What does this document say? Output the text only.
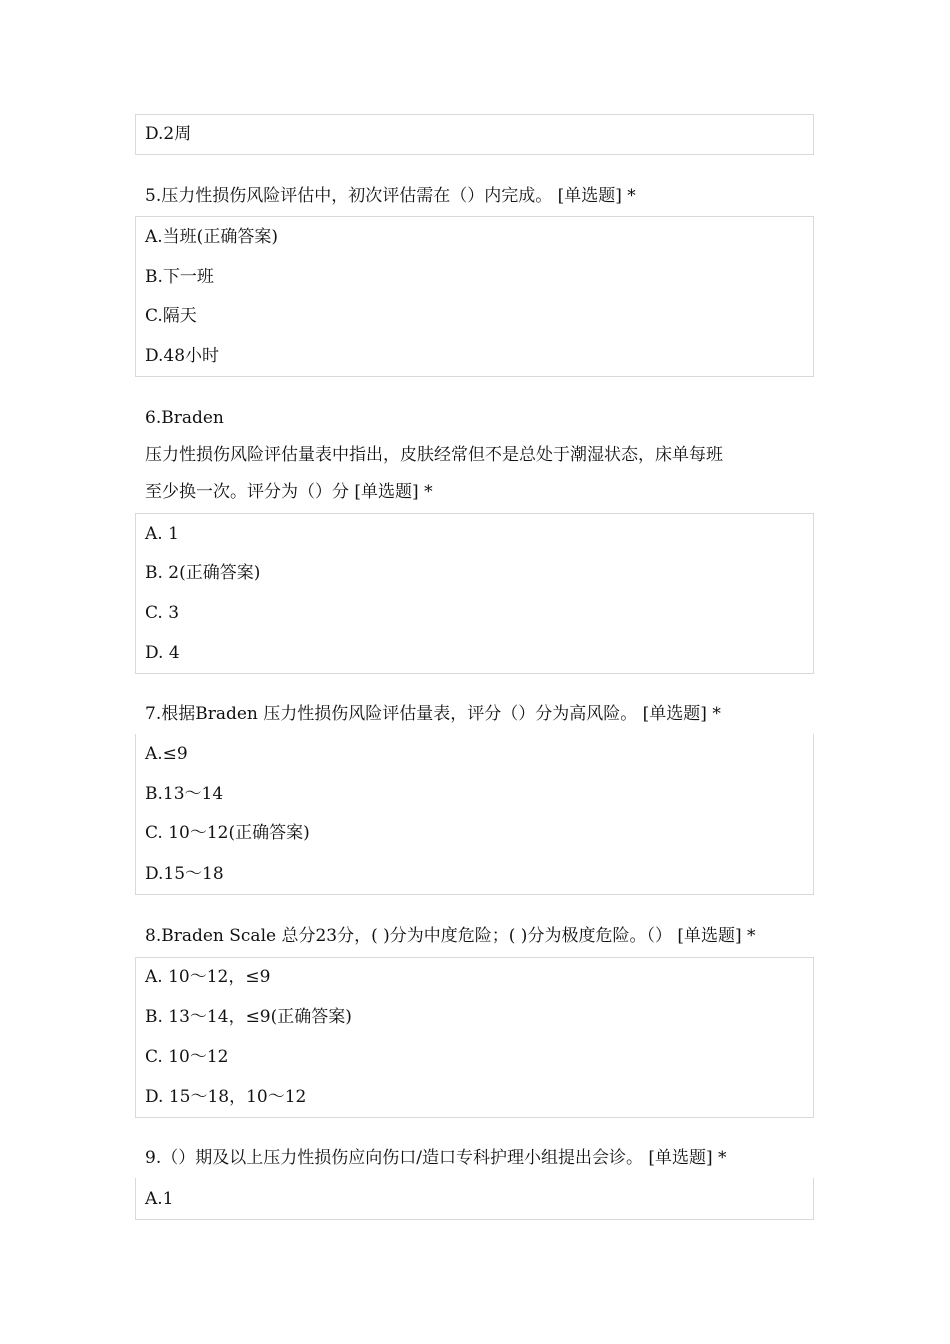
D.2周

5.压力性损伤风险评估中，初次评估需在（）内完成。 [单选题] *

A.当班(正确答案)
B.下一班
C.隔天
D.48小时

6.Braden

压力性损伤风险评估量表中指出，皮肤经常但不是总处于潮湿状态，床单每班

至少换一次。评分为（）分 [单选题] *

A. 1
B. 2(正确答案)
C. 3
D. 4

7.根据Braden 压力性损伤风险评估量表，评分（）分为高风险。 [单选题] *

A.≤9
B.13～14
C. 10～12(正确答案)
D.15～18

8.Braden Scale 总分23分，( )分为中度危险；( )分为极度危险。（） [单选题] *

A. 10～12，≤9
B. 13～14，≤9(正确答案)
C. 10～12
D. 15～18，10～12

9.（）期及以上压力性损伤应向伤口/造口专科护理小组提出会诊。 [单选题] *

A.1
